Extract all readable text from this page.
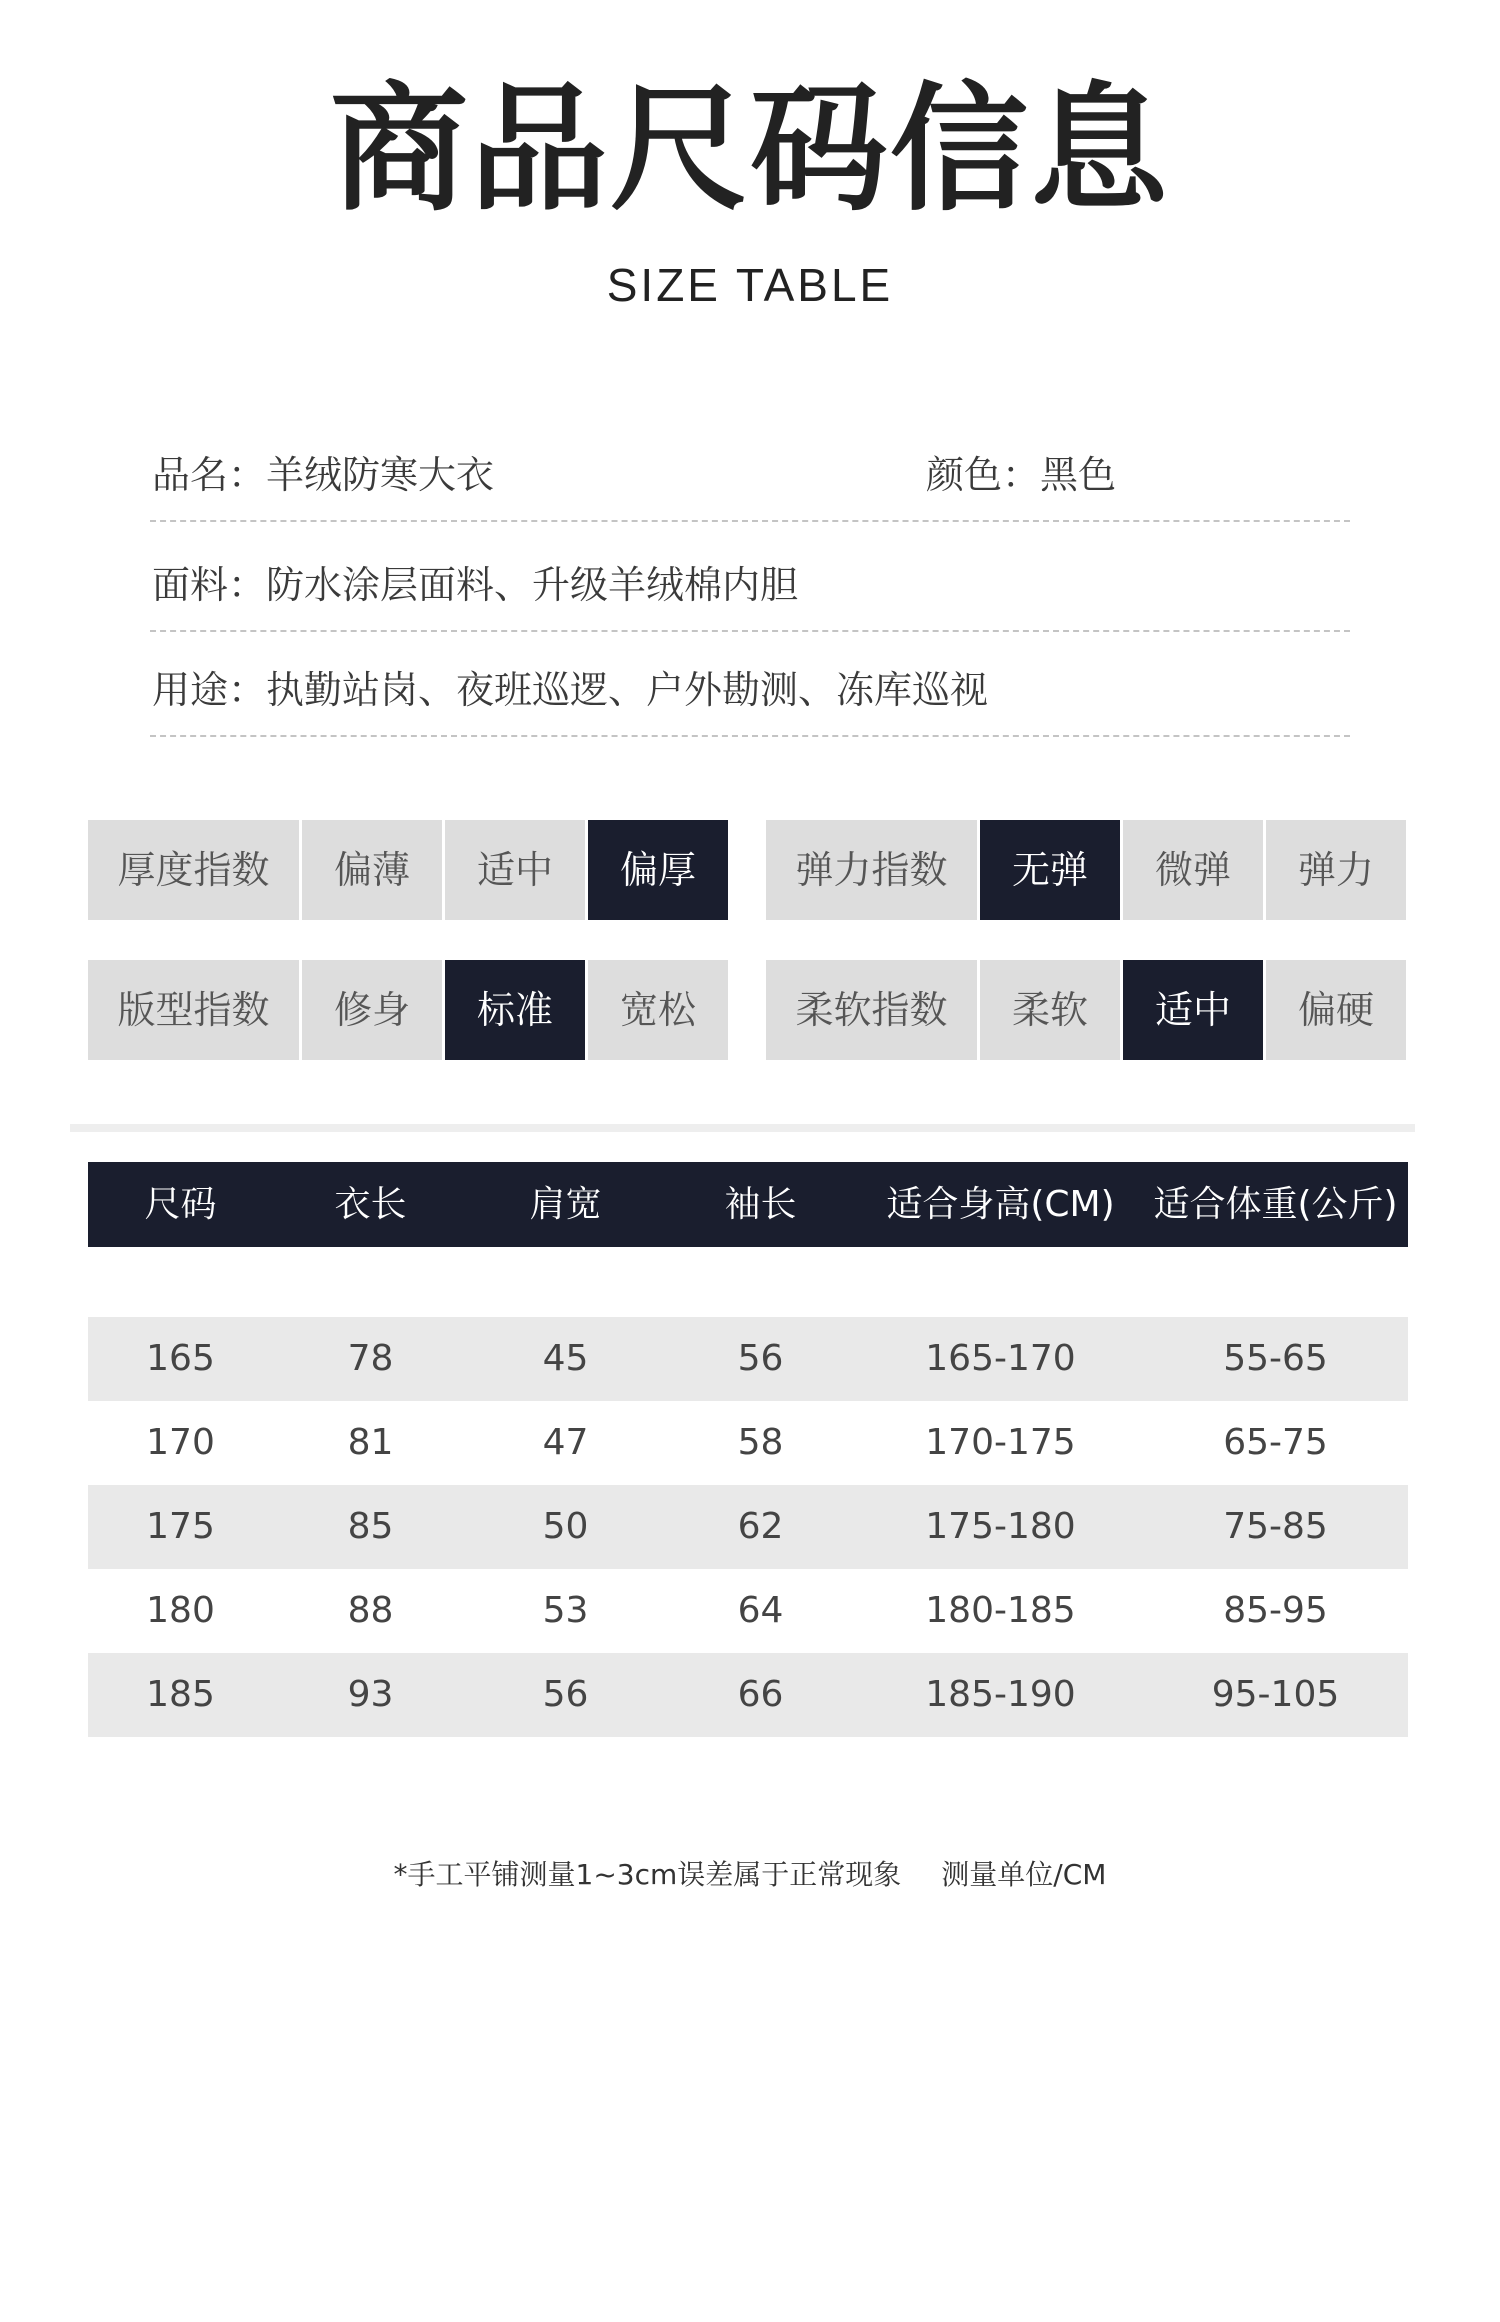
商品尺码信息
SIZE TABLE
品名：羊绒防寒大衣	颜色：黑色
面料：防水涂层面料、升级羊绒棉内胆
用途：执勤站岗、夜班巡逻、户外勘测、冻库巡视
厚度指数	偏薄	适中	偏厚	弹力指数	无弹	微弹	弹力
版型指数	修身	标准	宽松	柔软指数	柔软	适中	偏硬
尺码	衣长	肩宽	袖长	适合身高(CM)	适合体重(公斤)
165	78	45	56	165-170	55-65
170	81	47	58	170-175	65-75
175	85	50	62	175-180	75-85
180	88	53	64	180-185	85-95
185	93	56	66	185-190	95-105
*手工平铺测量1~3cm误差属于正常现象 测量单位/CM
